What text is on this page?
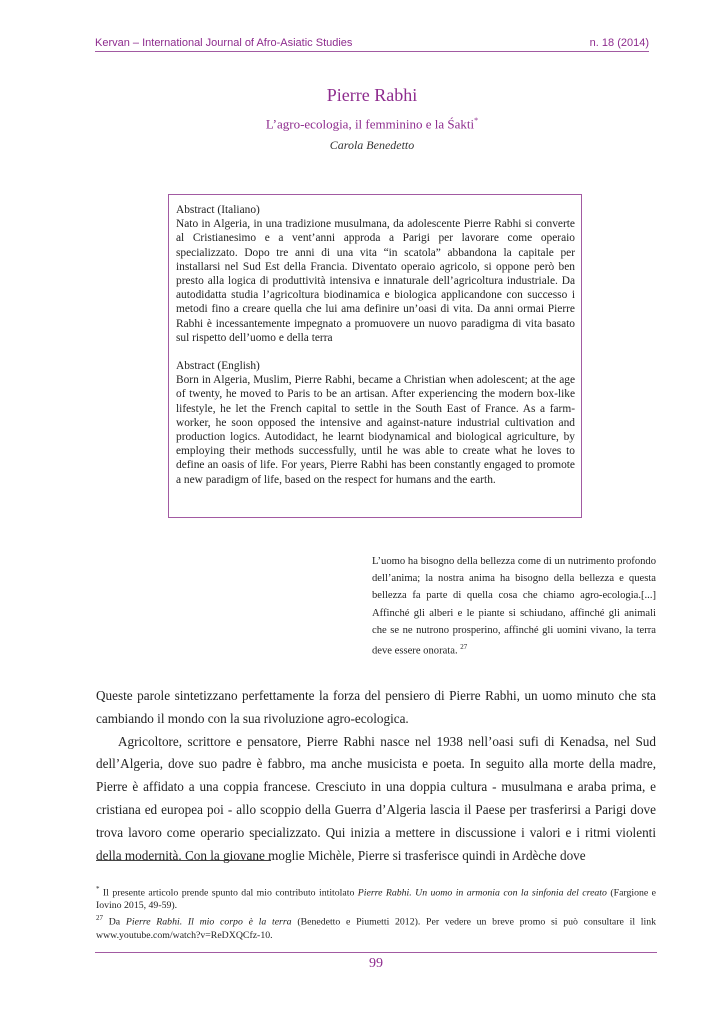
Kervan – International Journal of Afro-Asiatic Studies	n. 18 (2014)
Pierre Rabhi
L’agro-ecologia, il femminino e la Śakti*
Carola Benedetto

Abstract (Italiano)

Nato in Algeria, in una tradizione musulmana, da adolescente Pierre Rabhi si converte al Cristianesimo e a vent’anni approda a Parigi per lavorare come operaio specializzato. Dopo tre anni di una vita “in scatola” abbandona la capitale per installarsi nel Sud Est della Francia. Diventato operaio agricolo, si oppone però ben presto alla logica di produttività intensiva e innaturale dell’agricoltura industriale. Da autodidatta studia l’agricoltura biodinamica e biologica applicandone con successo i metodi fino a creare quella che lui ama definire un’oasi di vita. Da anni ormai Pierre Rabhi è incessantemente impegnato a promuovere un nuovo paradigma di vita basato sul rispetto dell’uomo e della terra

Abstract (English)

Born in Algeria, Muslim, Pierre Rabhi, became a Christian when adolescent; at the age of twenty, he moved to Paris to be an artisan. After experiencing the modern box-like lifestyle, he let the French capital to settle in the South East of France. As a farm-worker, he soon opposed the intensive and against-nature industrial cultivation and production logics. Autodidact, he learnt biodynamical and biological agriculture, by employing their methods successfully, until he was able to create what he loves to define an oasis of life. For years, Pierre Rabhi has been constantly engaged to promote a new paradigm of life, based on the respect for humans and the earth.

L’uomo ha bisogno della bellezza come di un nutrimento profondo dell’anima; la nostra anima ha bisogno della bellezza e questa bellezza fa parte di quella cosa che chiamo agro-ecologia.[...] Affinché gli alberi e le piante si schiudano, affinché gli animali che se ne nutrono prosperino, affinché gli uomini vivano, la terra deve essere onorata. $^{27}$

Queste parole sintetizzano perfettamente la forza del pensiero di Pierre Rabhi, un uomo minuto che sta cambiando il mondo con la sua rivoluzione agro-ecologica.

Agricoltore, scrittore e pensatore, Pierre Rabhi nasce nel 1938 nell’oasi sufi di Kenadsa, nel Sud dell’Algeria, dove suo padre è fabbro, ma anche musicista e poeta. In seguito alla morte della madre, Pierre è affidato a una coppia francese. Cresciuto in una doppia cultura - musulmana e araba prima, e cristiana ed europea poi - allo scoppio della Guerra d’Algeria lascia il Paese per trasferirsi a Parigi dove trova lavoro come operario specializzato. Qui inizia a mettere in discussione i valori e i ritmi violenti della modernità. Con la giovane moglie Michèle, Pierre si trasferisce quindi in Ardèche dove

* Il presente articolo prende spunto dal mio contributo intitolato Pierre Rabhi. Un uomo in armonia con la sinfonia del creato (Fargione e Iovino 2015, 49-59).

$^{27}$ Da Pierre Rabhi. Il mio corpo è la terra (Benedetto e Piumetti 2012). Per vedere un breve promo si può consultare il link www.youtube.com/watch?v=ReDXQCfz-10.

99
